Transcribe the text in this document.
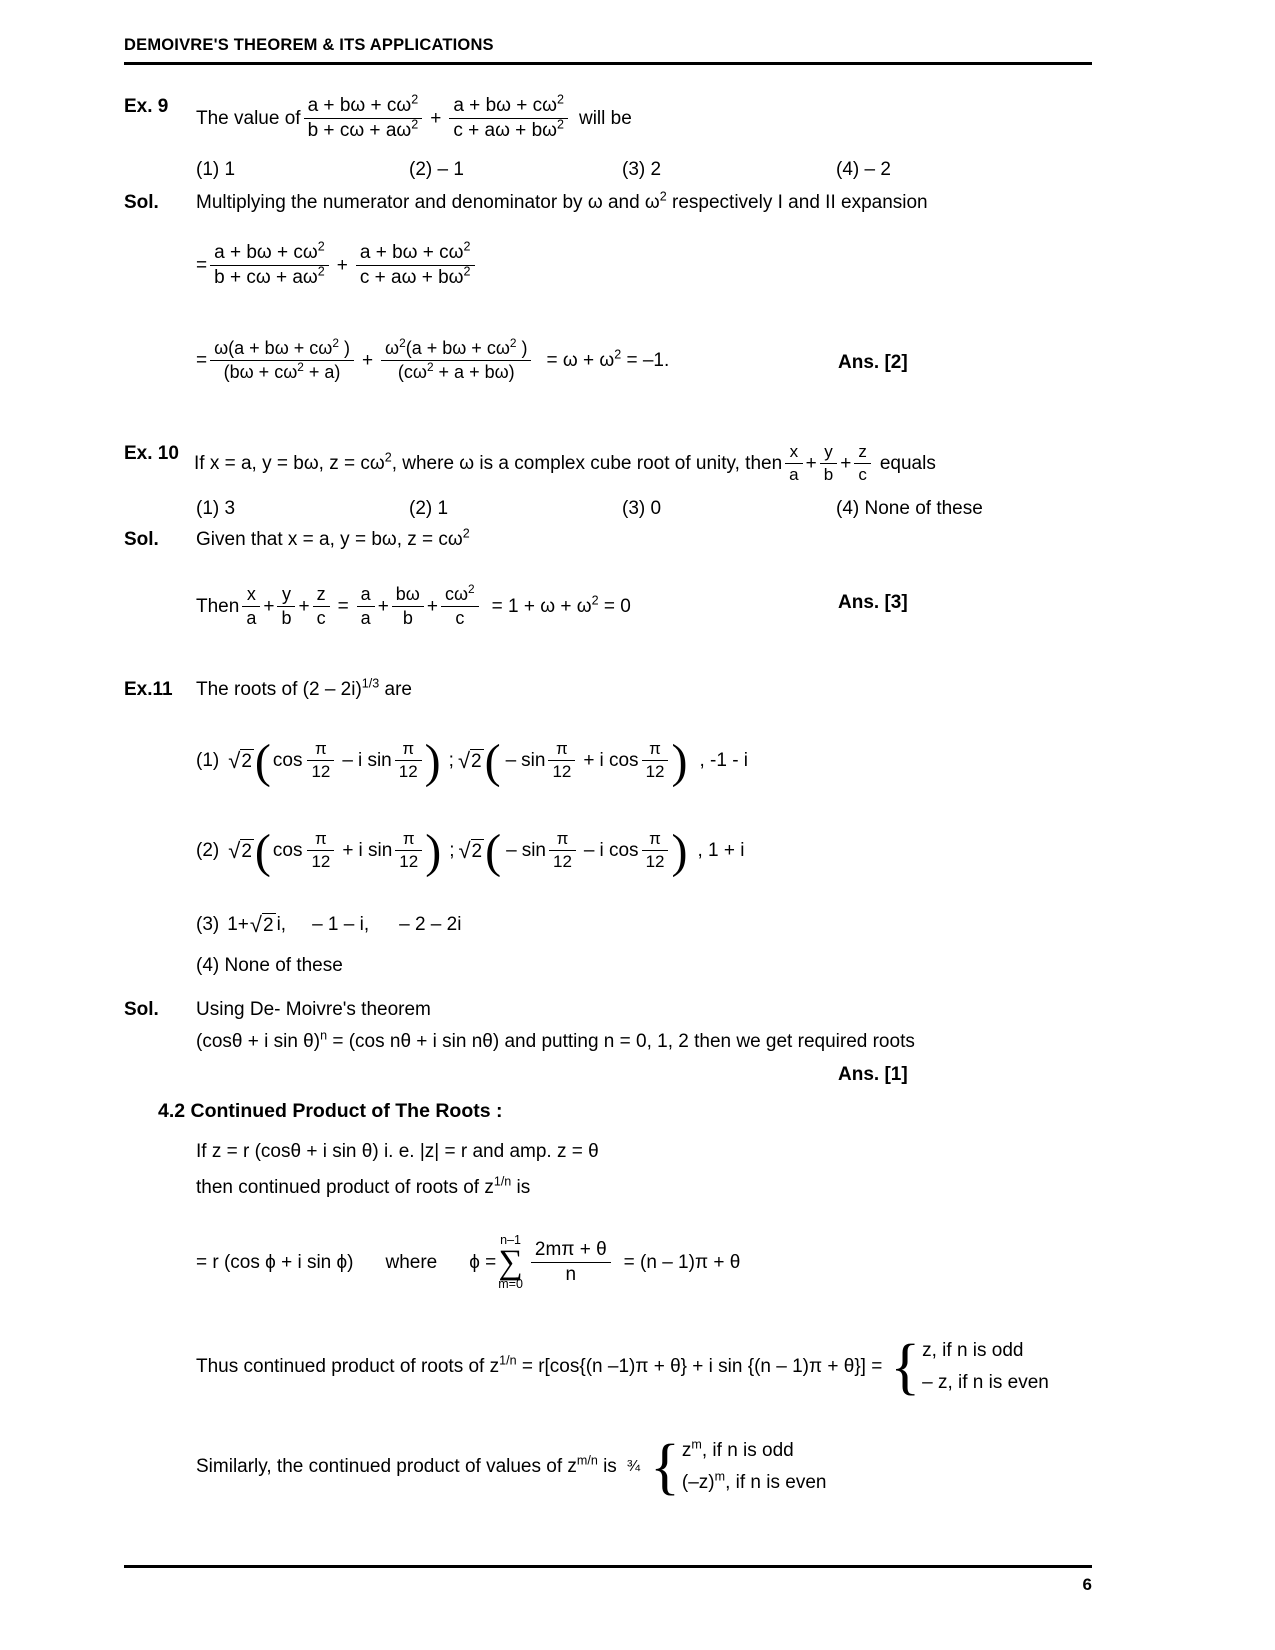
DEMOIVRE'S THEOREM & ITS APPLICATIONS
Ex. 9
The value of $\frac{a + b\omega + c\omega^2}{b + c\omega + a\omega^2} + \frac{a + b\omega + c\omega^2}{c + a\omega + b\omega^2}$ will be
(1) 1	(2) – 1	(3) 2	(4) – 2
Sol. Multiplying the numerator and denominator by ω and $\omega^2$ respectively I and II expansion
= $\frac{a + b\omega + c\omega^2}{b + c\omega + a\omega^2} + \frac{a + b\omega + c\omega^2}{c + a\omega + b\omega^2}$
= $\frac{\omega(a + b\omega + c\omega^2 )}{(b\omega + c\omega^2 + a)} + \frac{\omega^2(a + b\omega + c\omega^2 )}{(c\omega^2 + a + b\omega)} = \omega + \omega^2 = -1$.	Ans. [2]
Ex. 10 If x = a, y = bω, $z = c\omega^2$, where ω is a complex cube root of unity, then $\frac{x}{a} + \frac{y}{b} + \frac{z}{c}$ equals
(1) 3	(2) 1	(3) 0	(4) None of these
Sol. Given that x = a, y = bω, $z = c\omega^2$
Then $\frac{x}{a} + \frac{y}{b} + \frac{z}{c} = \frac{a}{a} + \frac{b\omega}{b} + \frac{c\omega^2}{c} = 1 + \omega + \omega^2 = 0$	Ans. [3]
Ex.11 The roots of (2 – 2i)$^{1/3}$ are
(1) √ 2 ( $\cos \frac{\pi}{12}$ – i $\sin \frac{\pi}{12}$ ) ; √ 2 ( – $\sin \frac{\pi}{12} + i$ $\cos \frac{\pi}{12}$ ) , -1 - i
(2) √ 2 ( $\cos \frac{\pi}{12} + i$ $\sin \frac{\pi}{12}$ ) ; √ 2 ( – $\sin \frac{\pi}{12}$ – i $\cos \frac{\pi}{12}$ ) , 1 + i
(3) 1+ √ 2 i,	– 1 – i,	– 2 – 2i
(4) None of these
Sol. Using De- Moivre's theorem
(cosθ + i sin θ)$^n$ = (cos nθ + i sin nθ) and putting n = 0, 1, 2 then we get required roots
Ans. [1]
4.2 Continued Product of The Roots :
If z = r (cosθ + i sin θ) i. e. |z| = r and amp. z = θ
then continued product of roots of $z^{1/n}$ is
= r (cos ϕ + i sin ϕ)	where	ϕ =
n–1
∑
$m=0 \frac{2m\pi + \theta}{n} = (n - 1)\pi + \theta$
Thus continued product of roots of $z^{1/n} = r[\cos\{(n$ –1)π + θ} + i sin {(n – 1)π + θ}] = { z, if n is odd
– z, if n is even
Similarly, the continued product of values of $z^{m/n}$ is ¾ { $z^m$, if n is odd
$(-z)^m$, if n is even
6
